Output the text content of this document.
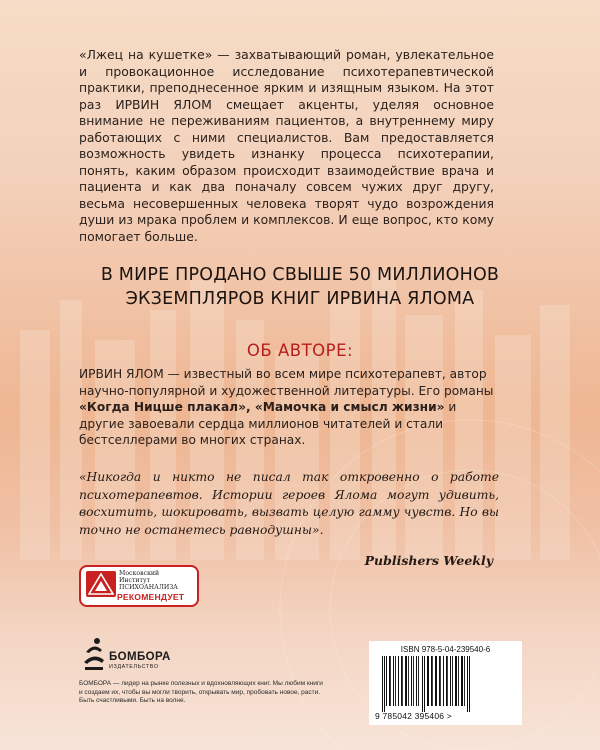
«Лжец на кушетке» — захватывающий роман, увлекательное и провокационное исследование психотерапевтической практики, преподнесенное ярким и изящным языком. На этот раз ИРВИН ЯЛОМ смещает акценты, уделяя основное внимание не переживаниям пациентов, а внутреннему миру работающих с ними специалистов. Вам предоставляется возможность увидеть изнанку процесса психотерапии, понять, каким образом происходит взаимодействие врача и пациента и как два поначалу совсем чужих друг другу, весьма несовершенных человека творят чудо возрождения души из мрака проблем и комплексов. И еще вопрос, кто кому помогает больше.

В МИРЕ ПРОДАНО СВЫШЕ 50 МИЛЛИОНОВ
ЭКЗЕМПЛЯРОВ КНИГ ИРВИНА ЯЛОМА
ОБ АВТОРЕ:

ИРВИН ЯЛОМ — известный во всем мире психотерапевт, автор научно-популярной и художественной литературы. Его романы «Когда Ницше плакал», «Мамочка и смысл жизни» и другие завоевали сердца миллионов читателей и стали бестселлерами во многих странах.

«Никогда и никто не писал так откровенно о работе психотерапевтов. Истории героев Ялома могут удивить, восхитить, шокировать, вызвать целую гамму чувств. Но вы точно не останетесь равнодушны».

Publishers Weekly
Московский
Институт
ПСИХОАНАЛИЗА
РЕКОМЕНДУЕТ
БОМБОРА
ИЗДАТЕЛЬСТВО

БОМБОРА — лидер на рынке полезных и вдохновляющих книг. Мы любим книги и создаем их, чтобы вы могли творить, открывать мир, пробовать новое, расти. Быть счастливыми. Быть на волне.

ISBN 978-5-04-239540-6
9 785042 395406 >
